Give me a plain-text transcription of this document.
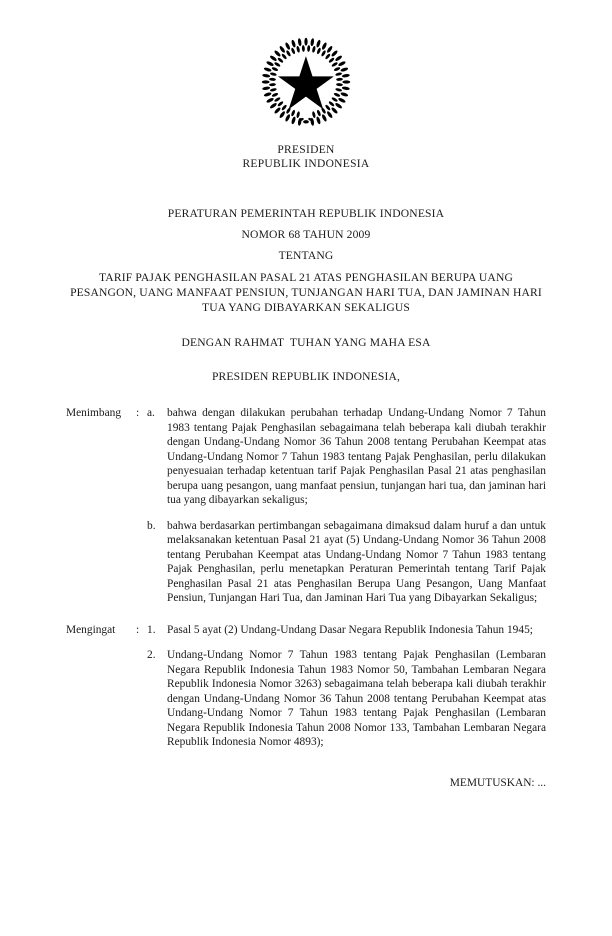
PRESIDEN
REPUBLIK INDONESIA
PERATURAN PEMERINTAH REPUBLIK INDONESIA
NOMOR 68 TAHUN 2009
TENTANG
TARIF PAJAK PENGHASILAN PASAL 21 ATAS PENGHASILAN BERUPA UANG PESANGON, UANG MANFAAT PENSIUN, TUNJANGAN HARI TUA, DAN JAMINAN HARI TUA YANG DIBAYARKAN SEKALIGUS
DENGAN RAHMAT  TUHAN YANG MAHA ESA
PRESIDEN REPUBLIK INDONESIA,
Menimbang	: a.	bahwa dengan dilakukan perubahan terhadap Undang-Undang Nomor 7 Tahun 1983 tentang Pajak Penghasilan sebagaimana telah beberapa kali diubah terakhir dengan Undang-Undang Nomor 36 Tahun 2008 tentang Perubahan Keempat atas Undang-Undang Nomor 7 Tahun 1983 tentang Pajak Penghasilan, perlu dilakukan penyesuaian terhadap ketentuan tarif Pajak Penghasilan Pasal 21 atas penghasilan berupa uang pesangon, uang manfaat pensiun, tunjangan hari tua, dan jaminan hari tua yang dibayarkan sekaligus;
b.	bahwa berdasarkan pertimbangan sebagaimana dimaksud dalam huruf a dan untuk melaksanakan ketentuan Pasal 21 ayat (5) Undang-Undang Nomor 36 Tahun 2008 tentang Perubahan Keempat atas Undang-Undang Nomor 7 Tahun 1983 tentang Pajak Penghasilan, perlu menetapkan Peraturan Pemerintah tentang Tarif Pajak Penghasilan Pasal 21 atas Penghasilan Berupa Uang Pesangon, Uang Manfaat Pensiun, Tunjangan Hari Tua, dan Jaminan Hari Tua yang Dibayarkan Sekaligus;
Mengingat	: 1.	Pasal 5 ayat (2) Undang-Undang Dasar Negara Republik Indonesia Tahun 1945;
2.	Undang-Undang Nomor 7 Tahun 1983 tentang Pajak Penghasilan (Lembaran Negara Republik Indonesia Tahun 1983 Nomor 50, Tambahan Lembaran Negara Republik Indonesia Nomor 3263) sebagaimana telah beberapa kali diubah terakhir dengan Undang-Undang Nomor 36 Tahun 2008 tentang Perubahan Keempat atas Undang-Undang Nomor 7 Tahun 1983 tentang Pajak Penghasilan (Lembaran Negara Republik Indonesia Tahun 2008 Nomor 133, Tambahan Lembaran Negara Republik Indonesia Nomor 4893);
MEMUTUSKAN: ...
